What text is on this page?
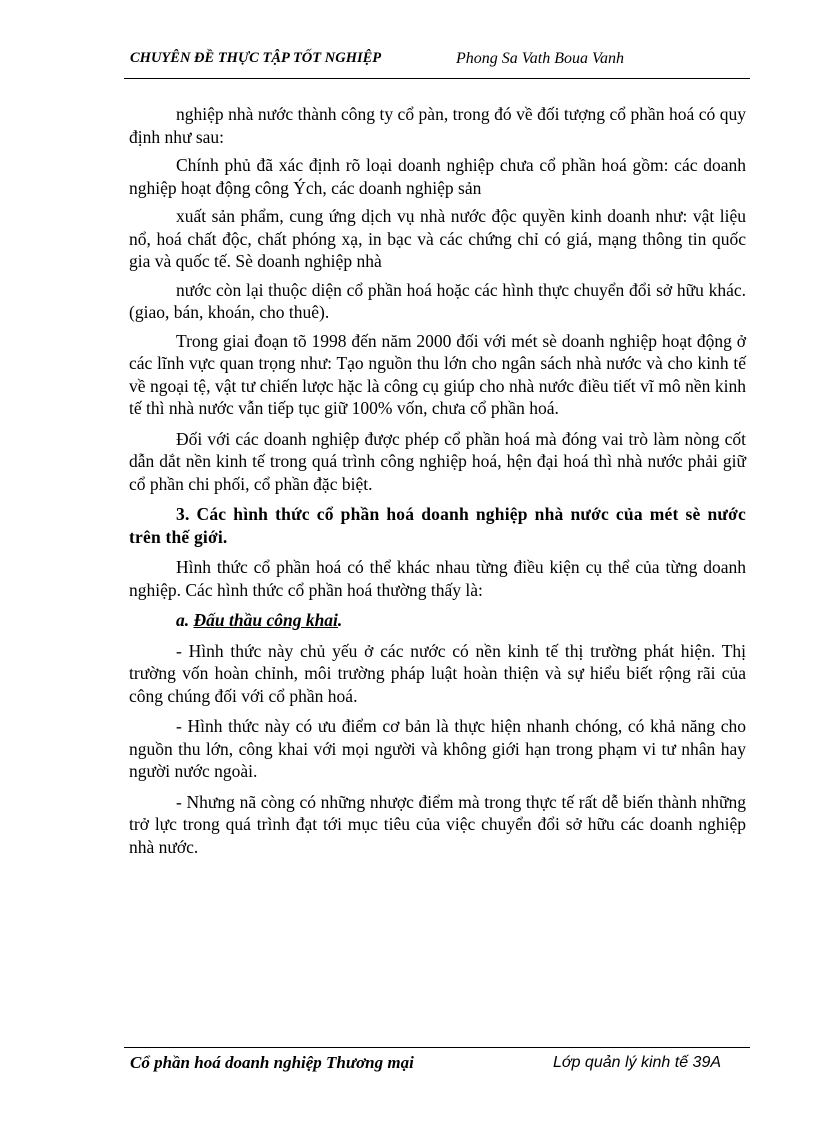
CHUYÊN ĐỀ THỰC TẬP TỐT NGHIỆP	Phong Sa Vath Boua Vanh

nghiệp nhà nước thành công ty cổ pàn, trong đó về đối tượng cổ phần hoá có quy định như sau:

Chính phủ đã xác định rõ loại doanh nghiệp chưa cổ phần hoá gồm: các doanh nghiệp hoạt động công Ých, các doanh nghiệp sản

xuất sản phẩm, cung ứng dịch vụ nhà nước độc quyền kinh doanh như: vật liệu nổ, hoá chất độc, chất phóng xạ, in bạc và các chứng chỉ có giá, mạng thông tin quốc gia và quốc tế. Sè doanh nghiệp nhà

nước còn lại thuộc diện cổ phần hoá hoặc các hình thực chuyển đổi sở hữu khác. (giao, bán, khoán, cho thuê).

Trong giai đoạn tõ 1998 đến năm 2000 đối với mét sè doanh nghiệp hoạt động ở các lĩnh vực quan trọng như: Tạo nguồn thu lớn cho ngân sách nhà nước và cho kinh tế về ngoại tệ, vật tư chiến lược hặc là công cụ giúp cho nhà nước điều tiết vĩ mô nền kinh tế thì nhà nước vẫn tiếp tục giữ 100% vốn, chưa cổ phần hoá.

Đối với các doanh nghiệp được phép cổ phần hoá mà đóng vai trò làm nòng cốt dẫn dắt nền kinh tế trong quá trình công nghiệp hoá, hện đại hoá thì nhà nước phải giữ cổ phần chi phối, cổ phần đặc biệt.

3. Các hình thức cổ phần hoá doanh nghiệp nhà nước của mét sè nước trên thế giới.

Hình thức cổ phần hoá có thể khác nhau từng điều kiện cụ thể của từng doanh nghiệp. Các hình thức cổ phần hoá thường thấy là:

a. Đấu thầu công khai.

- Hình thức này chủ yếu ở các nước có nền kinh tế thị trường phát hiện. Thị trường vốn hoàn chỉnh, môi trường pháp luật hoàn thiện và sự hiểu biết rộng rãi của công chúng đối với cổ phần hoá.

- Hình thức này có ưu điểm cơ bản là thực hiện nhanh chóng, có khả năng cho nguồn thu lớn, công khai với mọi người và không giới hạn trong phạm vi tư nhân hay người nước ngoài.

- Nhưng nã còng có những nhược điểm mà trong thực tế rất dễ biến thành những trở lực trong quá trình đạt tới mục tiêu của việc chuyển đổi sở hữu các doanh nghiệp nhà nước.

Cổ phần hoá doanh nghiệp Thương mại	Lớp quản lý kinh tế 39A
